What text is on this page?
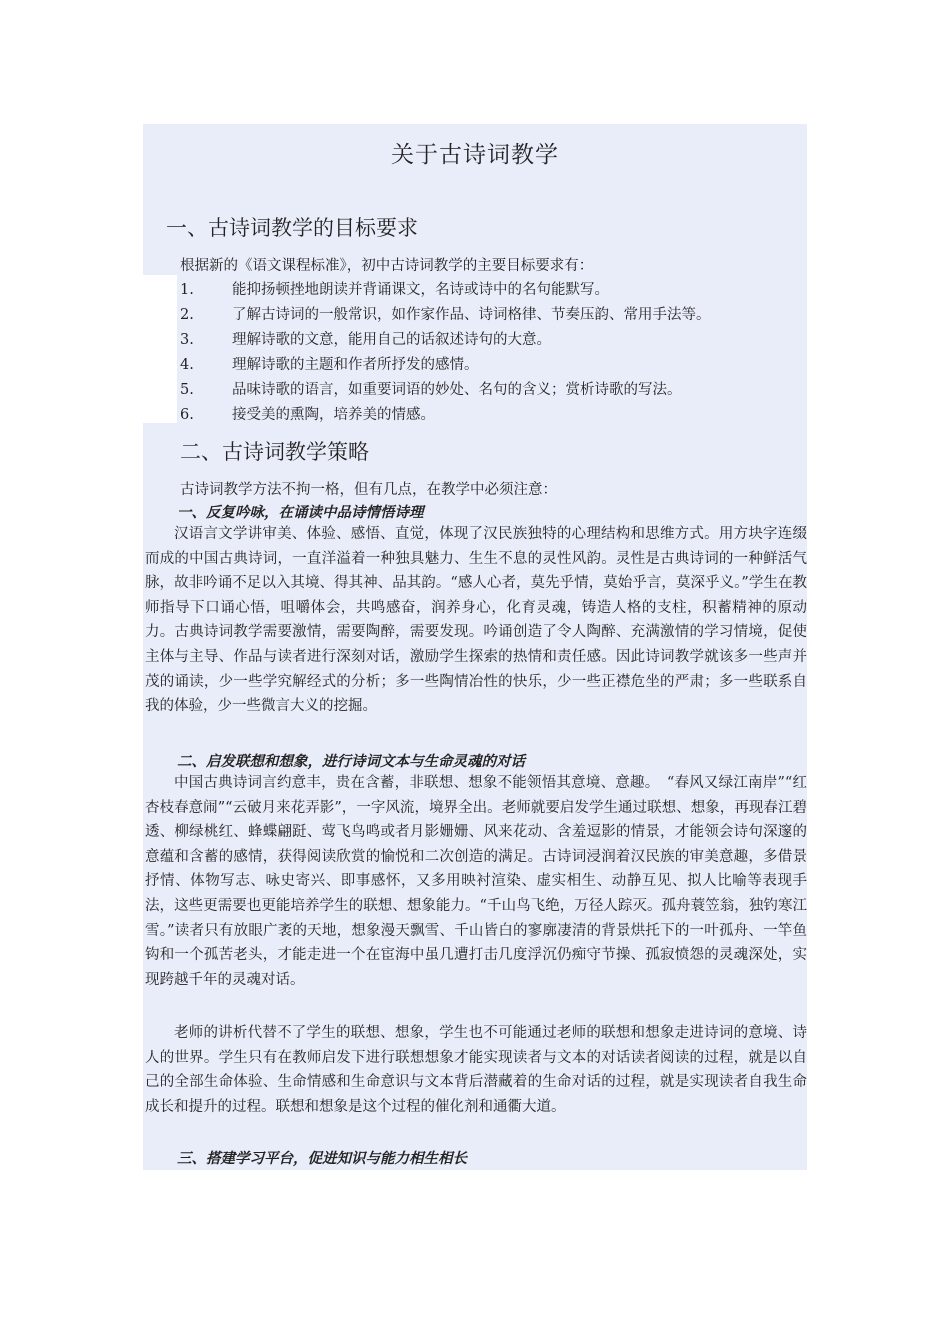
关于古诗词教学
一、古诗词教学的目标要求
根据新的《语文课程标准》，初中古诗词教学的主要目标要求有：
1.	能抑扬顿挫地朗读并背诵课文，名诗或诗中的名句能默写。
2.	了解古诗词的一般常识，如作家作品、诗词格律、节奏压韵、常用手法等。
3.	理解诗歌的文意，能用自己的话叙述诗句的大意。
4.	理解诗歌的主题和作者所抒发的感情。
5.	品味诗歌的语言，如重要词语的妙处、名句的含义；赏析诗歌的写法。
6.	接受美的熏陶，培养美的情感。
二、古诗词教学策略
古诗词教学方法不拘一格，但有几点，在教学中必须注意：
一、反复吟咏，在诵读中品诗情悟诗理

汉语言文学讲审美、体验、感悟、直觉，体现了汉民族独特的心理结构和思维方式。用方块字连缀而成的中国古典诗词，一直洋溢着一种独具魅力、生生不息的灵性风韵。灵性是古典诗词的一种鲜活气脉，故非吟诵不足以入其境、得其神、品其韵。“感人心者，莫先乎情，莫始乎言，莫深乎义。”学生在教师指导下口诵心悟，咀嚼体会，共鸣感奋，润养身心，化育灵魂，铸造人格的支柱，积蓄精神的原动力。古典诗词教学需要激情，需要陶醉，需要发现。吟诵创造了令人陶醉、充满激情的学习情境，促使主体与主导、作品与读者进行深刻对话，激励学生探索的热情和责任感。因此诗词教学就该多一些声并茂的诵读，少一些学究解经式的分析；多一些陶情冶性的快乐，少一些正襟危坐的严肃；多一些联系自我的体验，少一些微言大义的挖掘。

二、启发联想和想象，进行诗词文本与生命灵魂的对话

中国古典诗词言约意丰，贵在含蓄，非联想、想象不能领悟其意境、意趣。　“春风又绿江南岸”“红杏枝春意闹”“云破月来花弄影”，一字风流，境界全出。老师就要启发学生通过联想、想象，再现春江碧透、柳绿桃红、蜂蝶翩跹、莺飞鸟鸣或者月影姗姗、风来花动、含羞逗影的情景，才能领会诗句深邃的意蕴和含蓄的感情，获得阅读欣赏的愉悦和二次创造的满足。古诗词浸润着汉民族的审美意趣，多借景抒情、体物写志、咏史寄兴、即事感怀，又多用映衬渲染、虚实相生、动静互见、拟人比喻等表现手法，这些更需要也更能培养学生的联想、想象能力。“千山鸟飞绝，万径人踪灭。孤舟蓑笠翁，独钓寒江雪。”读者只有放眼广袤的天地，想象漫天飘雪、千山皆白的寥廓凄清的背景烘托下的一叶孤舟、一竿鱼钩和一个孤苦老头，才能走进一个在宦海中虽几遭打击几度浮沉仍痴守节操、孤寂愤怨的灵魂深处，实现跨越千年的灵魂对话。

老师的讲析代替不了学生的联想、想象，学生也不可能通过老师的联想和想象走进诗词的意境、诗人的世界。学生只有在教师启发下进行联想想象才能实现读者与文本的对话读者阅读的过程，就是以自己的全部生命体验、生命情感和生命意识与文本背后潜藏着的生命对话的过程，就是实现读者自我生命成长和提升的过程。联想和想象是这个过程的催化剂和通衢大道。

三、搭建学习平台，促进知识与能力相生相长
